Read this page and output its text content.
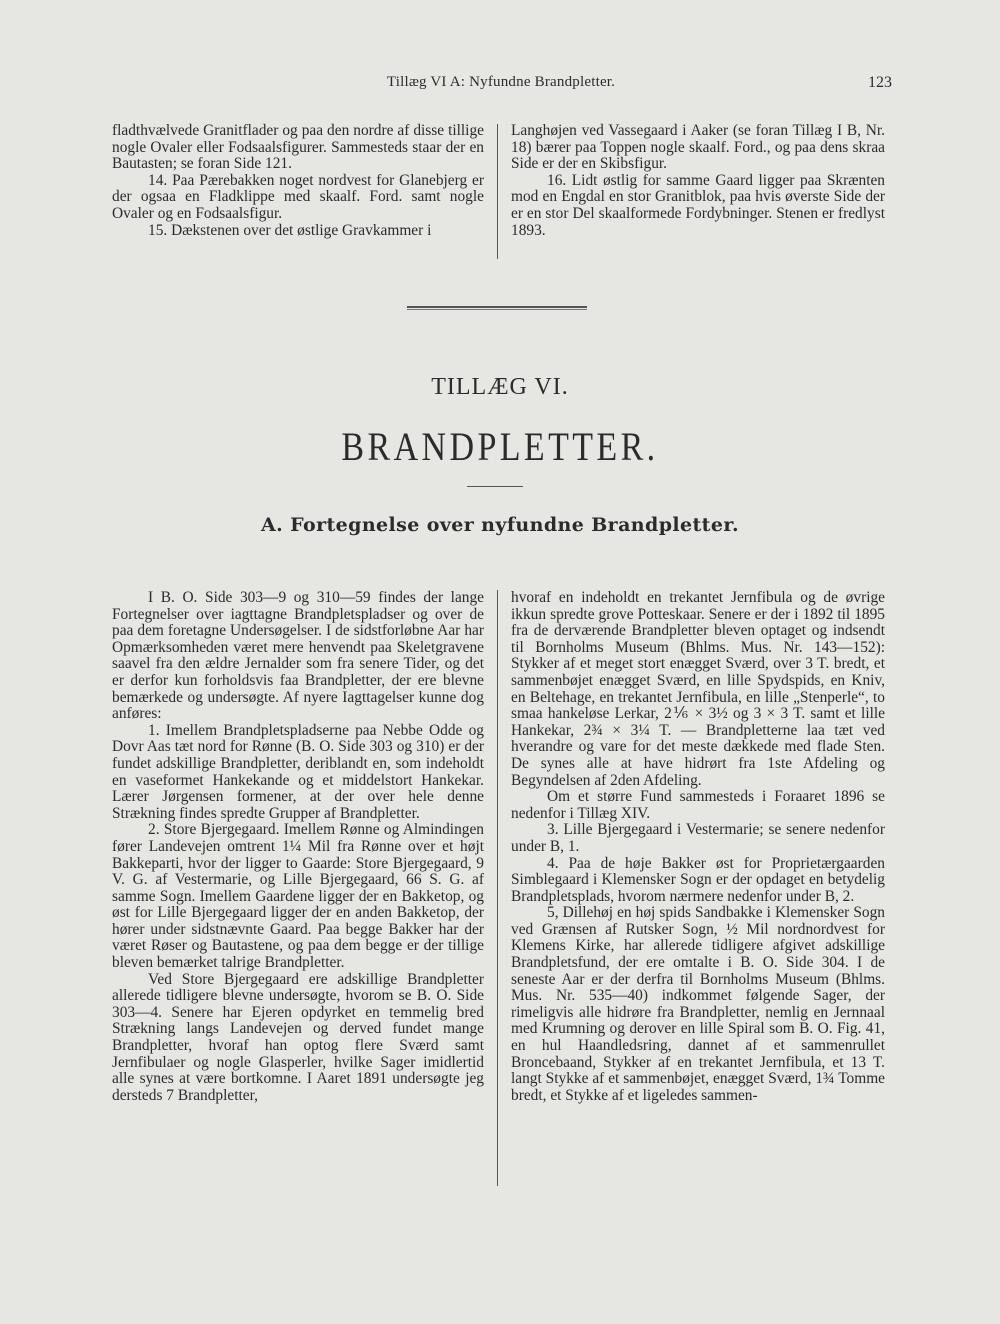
Tillæg VI A: Nyfundne Brandpletter.	123

fladthvælvede Granitflader og paa den nordre af disse tillige nogle Ovaler eller Fodsaalsfigurer. Sammesteds staar der en Bautasten; se foran Side 121.

14. Paa Pærebakken noget nordvest for Glanebjerg er der ogsaa en Fladklippe med skaalf. Ford. samt nogle Ovaler og en Fodsaalsfigur.

15. Dækstenen over det østlige Gravkammer i

Langhøjen ved Vassegaard i Aaker (se foran Tillæg I B, Nr. 18) bærer paa Toppen nogle skaalf. Ford., og paa dens skraa Side er der en Skibsfigur.

16. Lidt østlig for samme Gaard ligger paa Skrænten mod en Engdal en stor Granitblok, paa hvis øverste Side der er en stor Del skaalformede Fordybninger. Stenen er fredlyst 1893.

TILLÆG VI.
BRANDPLETTER.
A. Fortegnelse over nyfundne Brandpletter.

I B. O. Side 303—9 og 310—59 findes der lange Fortegnelser over iagttagne Brandpletspladser og over de paa dem foretagne Undersøgelser. I de sidstforløbne Aar har Opmærksomheden været mere henvendt paa Skeletgravene saavel fra den ældre Jernalder som fra senere Tider, og det er derfor kun forholdsvis faa Brandpletter, der ere blevne bemærkede og undersøgte. Af nyere Iagttagelser kunne dog anføres:

1. Imellem Brandpletspladserne paa Nebbe Odde og Dovr Aas tæt nord for Rønne (B. O. Side 303 og 310) er der fundet adskillige Brandpletter, deriblandt en, som indeholdt en vaseformet Hankekande og et middelstort Hankekar. Lærer Jørgensen formener, at der over hele denne Strækning findes spredte Grupper af Brandpletter.

2. Store Bjergegaard. Imellem Rønne og Almindingen fører Landevejen omtrent 1¼ Mil fra Rønne over et højt Bakkeparti, hvor der ligger to Gaarde: Store Bjergegaard, 9 V. G. af Vestermarie, og Lille Bjergegaard, 66 S. G. af samme Sogn. Imellem Gaardene ligger der en Bakketop, og øst for Lille Bjergegaard ligger der en anden Bakketop, der hører under sidstnævnte Gaard. Paa begge Bakker har der været Røser og Bautastene, og paa dem begge er der tillige bleven bemærket talrige Brandpletter.

Ved Store Bjergegaard ere adskillige Brandpletter allerede tidligere blevne undersøgte, hvorom se B. O. Side 303—4. Senere har Ejeren opdyrket en temmelig bred Strækning langs Landevejen og derved fundet mange Brandpletter, hvoraf han optog flere Sværd samt Jernfibulaer og nogle Glasperler, hvilke Sager imidlertid alle synes at være bortkomne. I Aaret 1891 undersøgte jeg dersteds 7 Brandpletter,

hvoraf en indeholdt en trekantet Jernfibula og de øvrige ikkun spredte grove Potteskaar. Senere er der i 1892 til 1895 fra de derværende Brandpletter bleven optaget og indsendt til Bornholms Museum (Bhlms. Mus. Nr. 143—152): Stykker af et meget stort enægget Sværd, over 3 T. bredt, et sammenbøjet enægget Sværd, en lille Spydspids, en Kniv, en Beltehage, en trekantet Jernfibula, en lille „Stenperle“, to smaa hankeløse Lerkar, 2⅙ × 3½ og 3 × 3 T. samt et lille Hankekar, 2¾ × 3¼ T. — Brandpletterne laa tæt ved hverandre og vare for det meste dækkede med flade Sten. De synes alle at have hidrørt fra 1ste Afdeling og Begyndelsen af 2den Afdeling.

Om et større Fund sammesteds i Foraaret 1896 se nedenfor i Tillæg XIV.

3. Lille Bjergegaard i Vestermarie; se senere nedenfor under B, 1.

4. Paa de høje Bakker øst for Proprietærgaarden Simblegaard i Klemensker Sogn er der opdaget en betydelig Brandpletsplads, hvorom nærmere nedenfor under B, 2.

5, Dillehøj en høj spids Sandbakke i Klemensker Sogn ved Grænsen af Rutsker Sogn, ½ Mil nordnordvest for Klemens Kirke, har allerede tidligere afgivet adskillige Brandpletsfund, der ere omtalte i B. O. Side 304. I de seneste Aar er der derfra til Bornholms Museum (Bhlms. Mus. Nr. 535—40) indkommet følgende Sager, der rimeligvis alle hidrøre fra Brandpletter, nemlig en Jernnaal med Krumning og derover en lille Spiral som B. O. Fig. 41, en hul Haandledsring, dannet af et sammenrullet Broncebaand, Stykker af en trekantet Jernfibula, et 13 T. langt Stykke af et sammenbøjet, enægget Sværd, 1¾ Tomme bredt, et Stykke af et ligeledes sammen-
